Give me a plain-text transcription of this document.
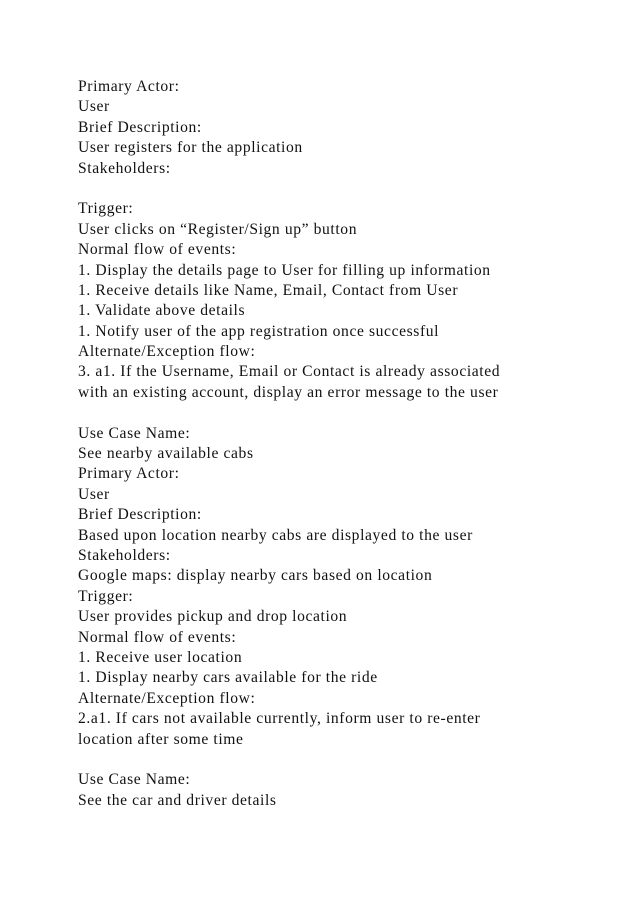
Primary Actor:
User
Brief Description:
User registers for the application
Stakeholders:
Trigger:
User clicks on “Register/Sign up” button
Normal flow of events:
1. Display the details page to User for filling up information
1. Receive details like Name, Email, Contact from User
1. Validate above details
1. Notify user of the app registration once successful
Alternate/Exception flow:
3. a1. If the Username, Email or Contact is already associated
with an existing account, display an error message to the user
Use Case Name:
See nearby available cabs
Primary Actor:
User
Brief Description:
Based upon location nearby cabs are displayed to the user
Stakeholders:
Google maps: display nearby cars based on location
Trigger:
User provides pickup and drop location
Normal flow of events:
1. Receive user location
1. Display nearby cars available for the ride
Alternate/Exception flow:
2.a1. If cars not available currently, inform user to re-enter
location after some time
Use Case Name:
See the car and driver details
